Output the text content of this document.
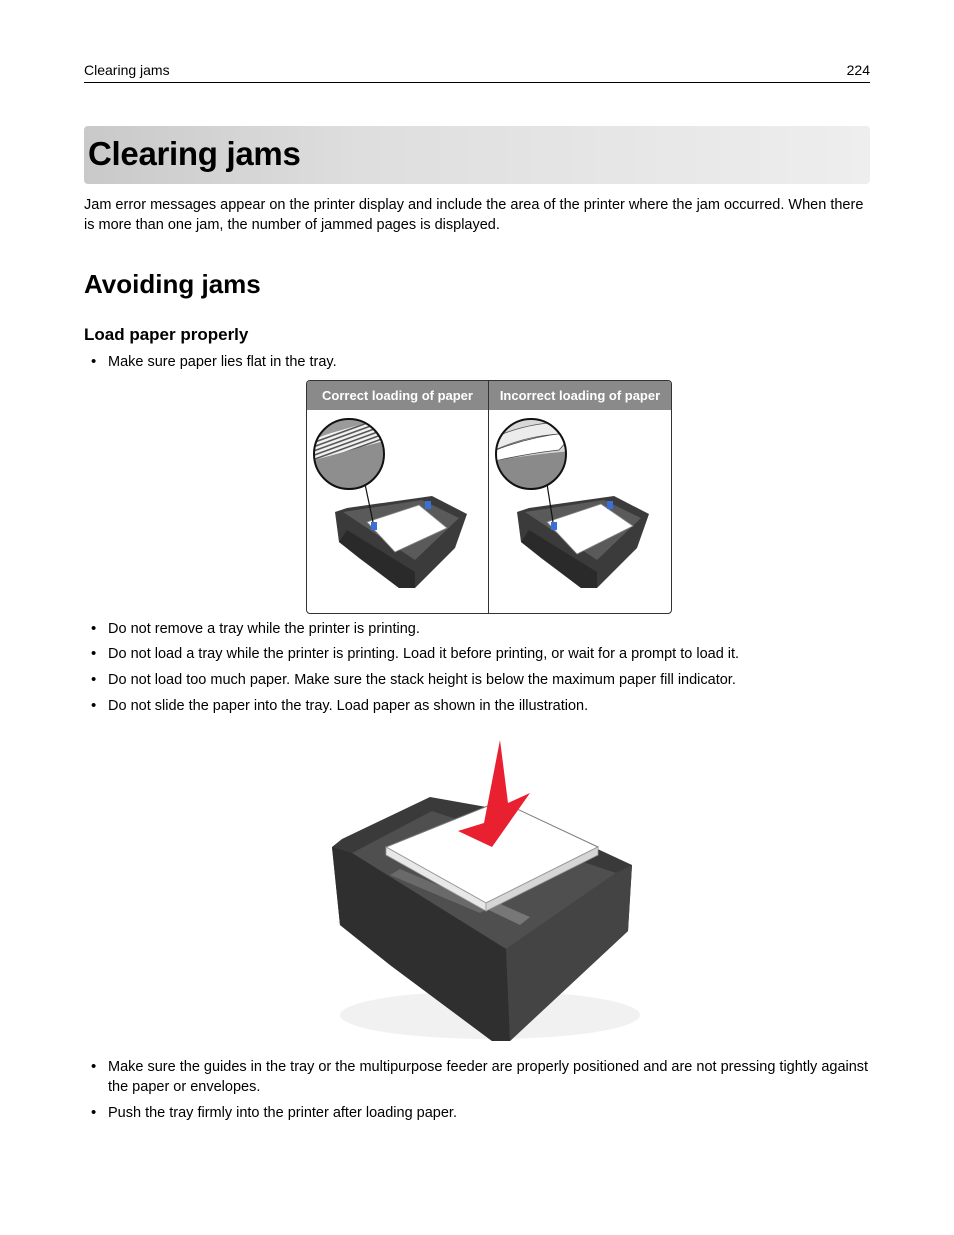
Clearing jams	224
Clearing jams
Jam error messages appear on the printer display and include the area of the printer where the jam occurred. When there is more than one jam, the number of jammed pages is displayed.
Avoiding jams
Load paper properly
• Make sure paper lies flat in the tray.
Correct loading of paper	Incorrect loading of paper
• Do not remove a tray while the printer is printing.
• Do not load a tray while the printer is printing. Load it before printing, or wait for a prompt to load it.
• Do not load too much paper. Make sure the stack height is below the maximum paper fill indicator.
• Do not slide the paper into the tray. Load paper as shown in the illustration.
• Make sure the guides in the tray or the multipurpose feeder are properly positioned and are not pressing tightly against the paper or envelopes.
• Push the tray firmly into the printer after loading paper.
